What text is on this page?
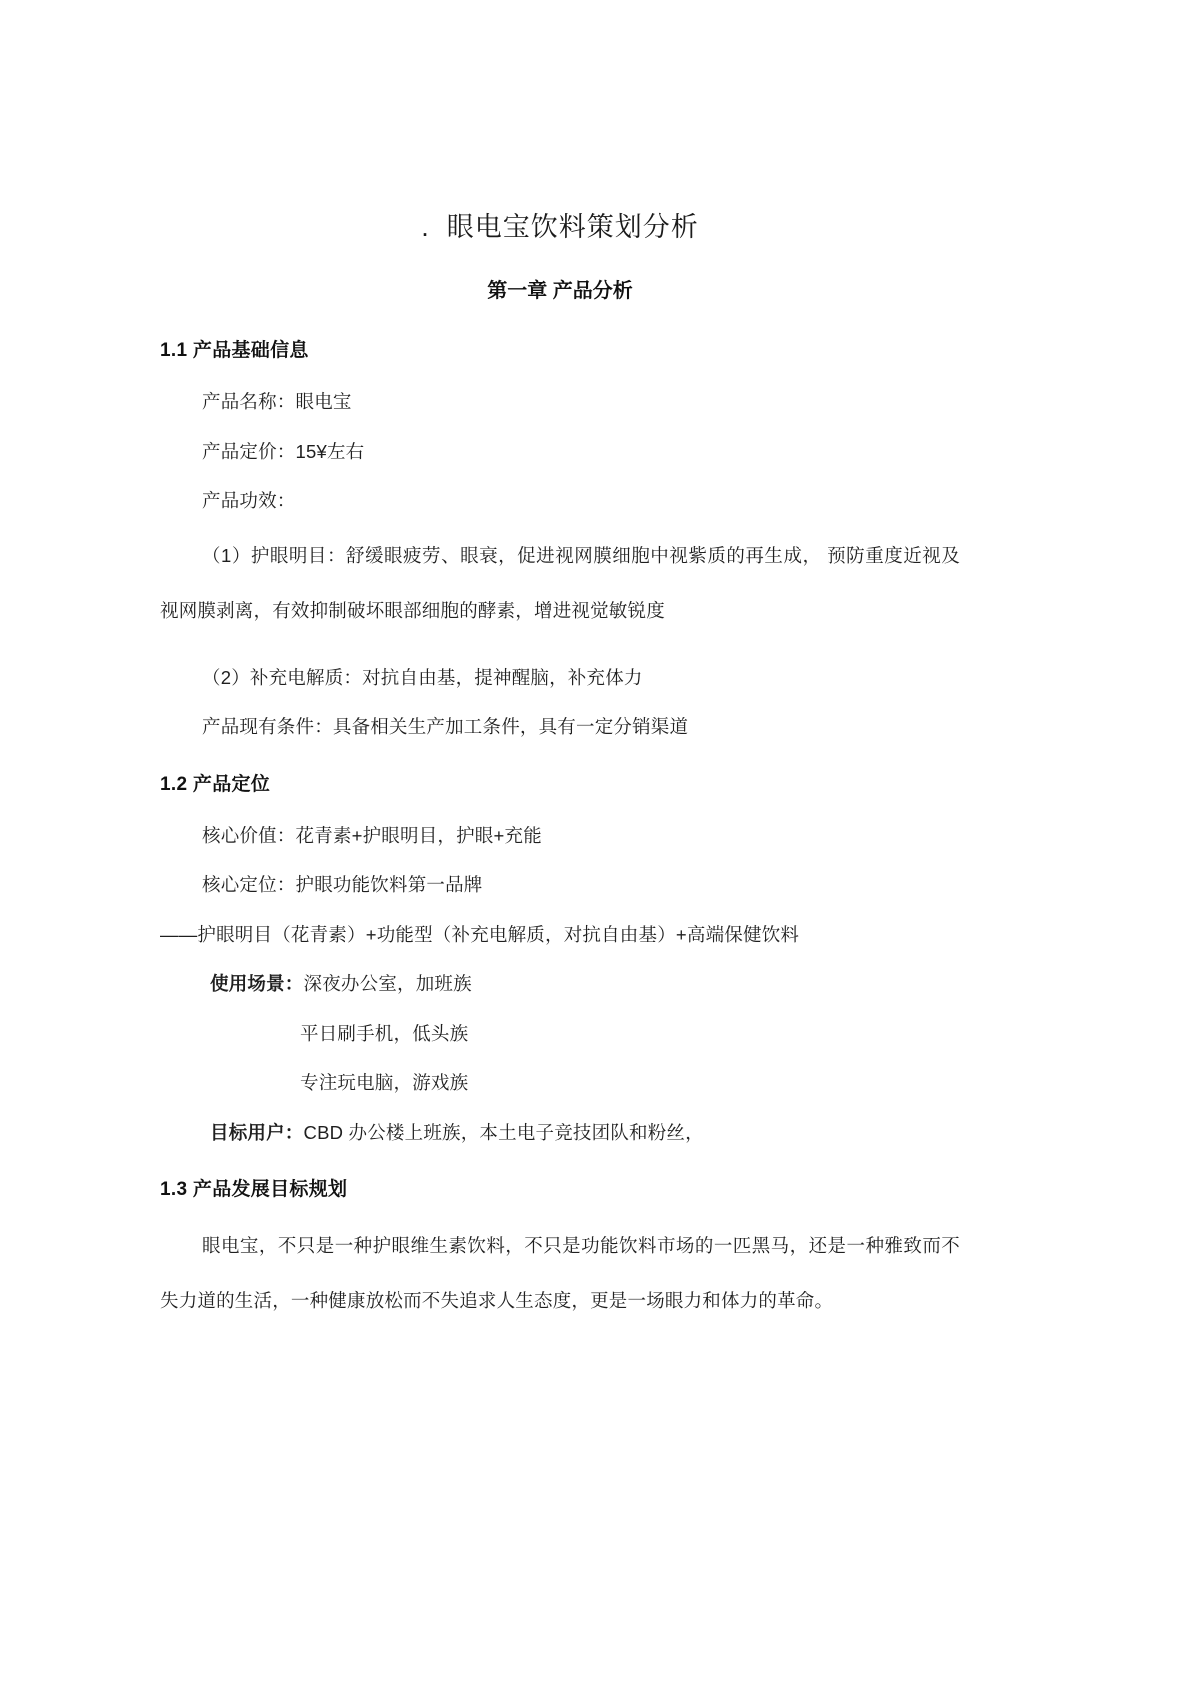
.  眼电宝饮料策划分析
第一章 产品分析
1.1 产品基础信息

产品名称：眼电宝

产品定价：15¥左右

产品功效：

（1）护眼明目：舒缓眼疲劳、眼衰，促进视网膜细胞中视紫质的再生成， 预防重度近视及视网膜剥离，有效抑制破坏眼部细胞的酵素，增进视觉敏锐度

（2）补充电解质：对抗自由基，提神醒脑，补充体力

产品现有条件：具备相关生产加工条件，具有一定分销渠道

1.2 产品定位

核心价值：花青素+护眼明目，护眼+充能

核心定位：护眼功能饮料第一品牌

——护眼明目（花青素）+功能型（补充电解质，对抗自由基）+高端保健饮料

使用场景：深夜办公室，加班族

平日刷手机，低头族

专注玩电脑，游戏族

目标用户：CBD 办公楼上班族，本土电子竞技团队和粉丝，

1.3 产品发展目标规划

眼电宝，不只是一种护眼维生素饮料，不只是功能饮料市场的一匹黑马，还是一种雅致而不失力道的生活，一种健康放松而不失追求人生态度，更是一场眼力和体力的革命。
